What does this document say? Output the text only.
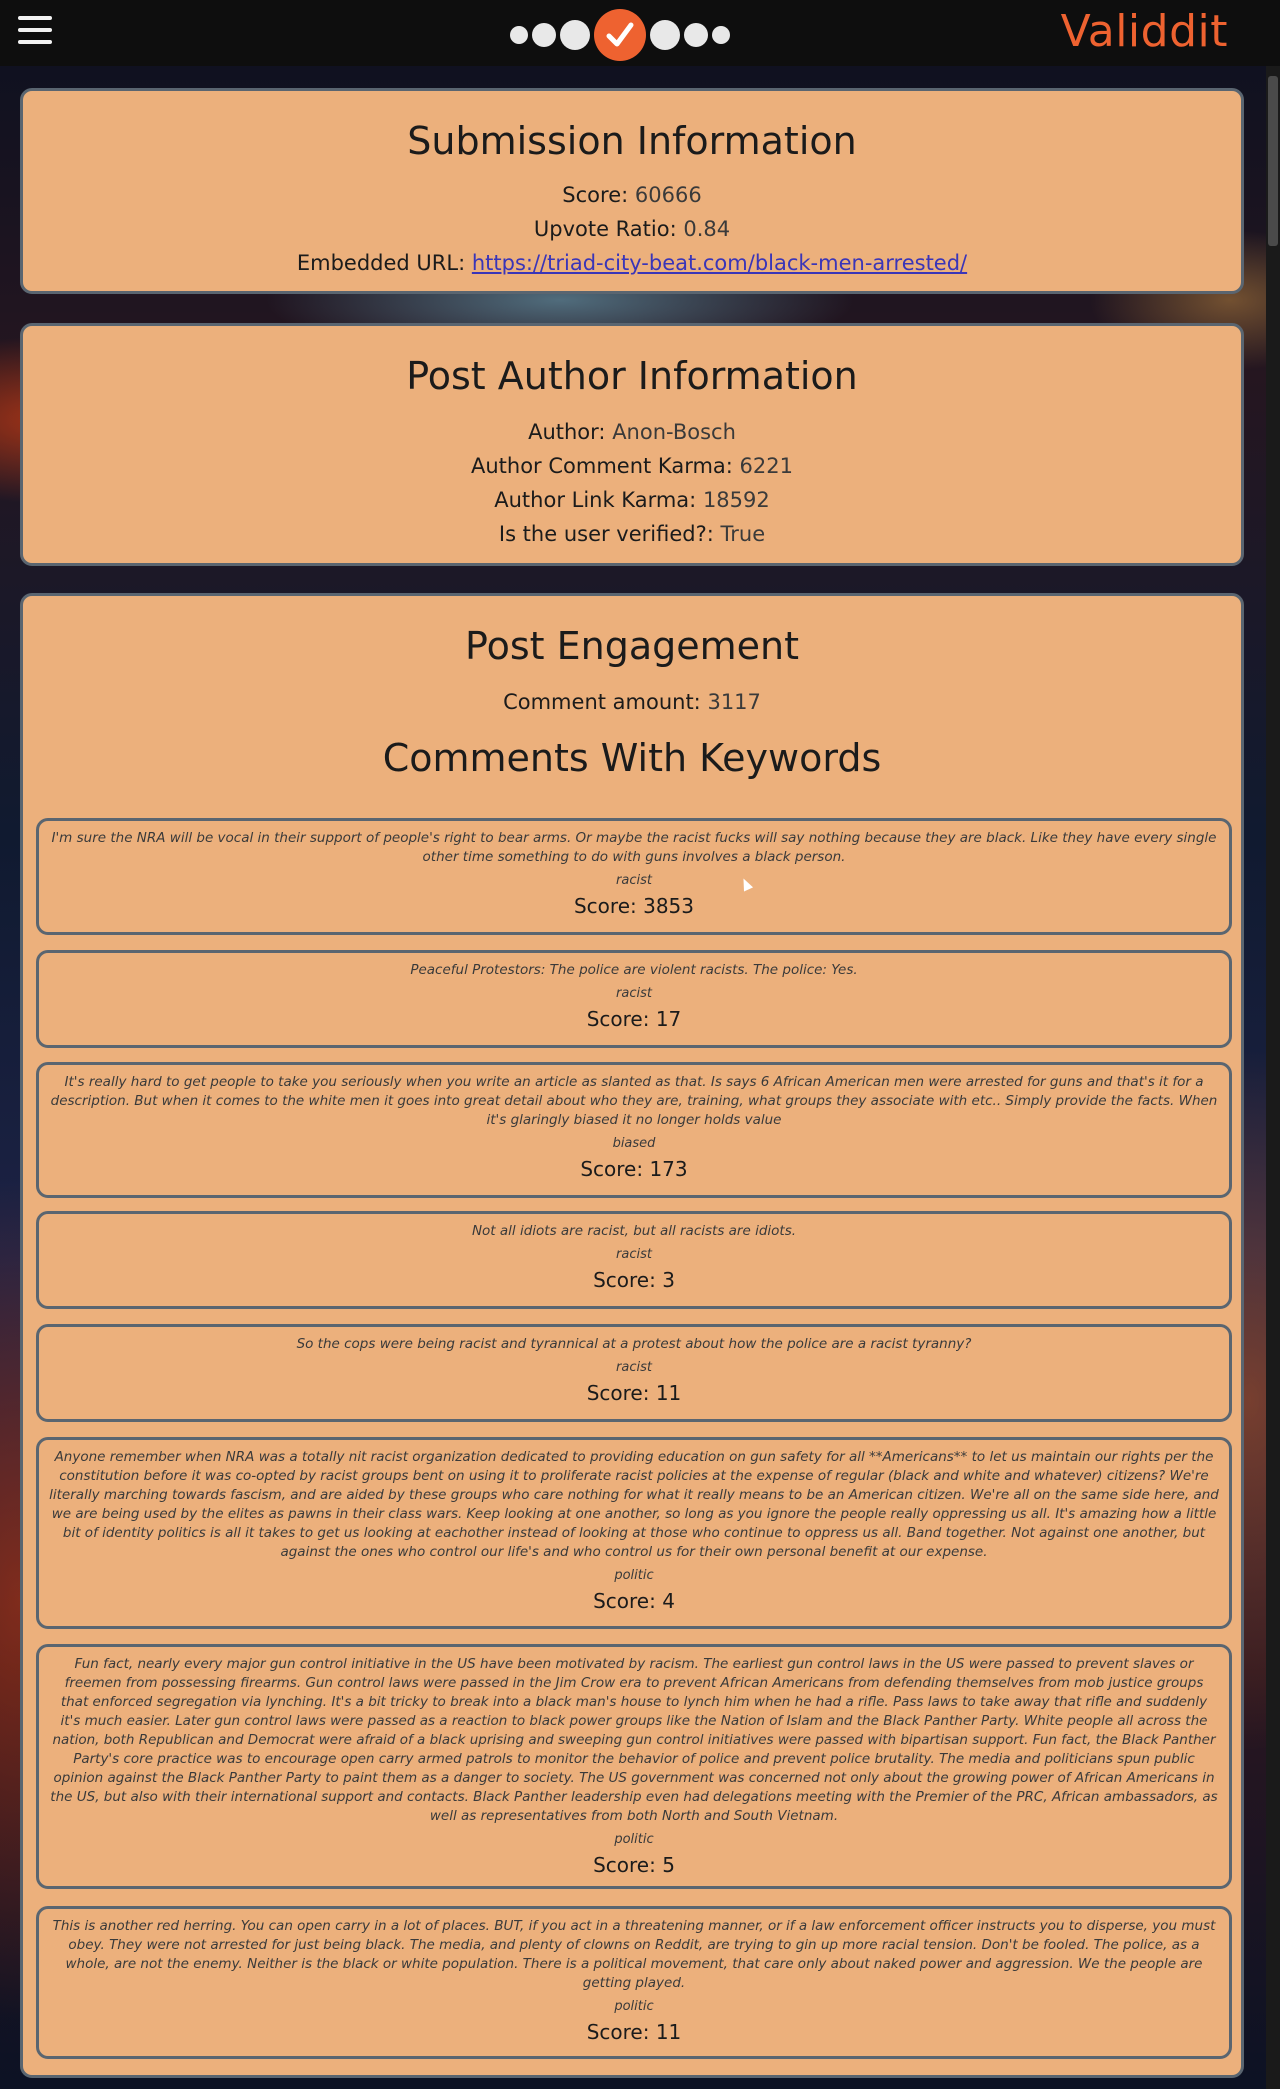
Validdit
Submission Information
Score: 60666
Upvote Ratio: 0.84
Embedded URL: https://triad-city-beat.com/black-men-arrested/
Post Author Information
Author: Anon-Bosch
Author Comment Karma: 6221
Author Link Karma: 18592
Is the user verified?: True
Post Engagement
Comment amount: 3117
Comments With Keywords
I'm sure the NRA will be vocal in their support of people's right to bear arms. Or maybe the racist fucks will say nothing because they are black. Like they have every single other time something to do with guns involves a black person.
racist
Score: 3853
Peaceful Protestors: The police are violent racists. The police: Yes.
racist
Score: 17
It's really hard to get people to take you seriously when you write an article as slanted as that. Is says 6 African American men were arrested for guns and that's it for a description. But when it comes to the white men it goes into great detail about who they are, training, what groups they associate with etc.. Simply provide the facts. When it's glaringly biased it no longer holds value
biased
Score: 173
Not all idiots are racist, but all racists are idiots.
racist
Score: 3
So the cops were being racist and tyrannical at a protest about how the police are a racist tyranny?
racist
Score: 11
Anyone remember when NRA was a totally nit racist organization dedicated to providing education on gun safety for all **Americans** to let us maintain our rights per the constitution before it was co-opted by racist groups bent on using it to proliferate racist policies at the expense of regular (black and white and whatever) citizens? We're literally marching towards fascism, and are aided by these groups who care nothing for what it really means to be an American citizen. We're all on the same side here, and we are being used by the elites as pawns in their class wars. Keep looking at one another, so long as you ignore the people really oppressing us all. It's amazing how a little bit of identity politics is all it takes to get us looking at eachother instead of looking at those who continue to oppress us all. Band together. Not against one another, but against the ones who control our life's and who control us for their own personal benefit at our expense.
politic
Score: 4
Fun fact, nearly every major gun control initiative in the US have been motivated by racism. The earliest gun control laws in the US were passed to prevent slaves or freemen from possessing firearms. Gun control laws were passed in the Jim Crow era to prevent African Americans from defending themselves from mob justice groups that enforced segregation via lynching. It's a bit tricky to break into a black man's house to lynch him when he had a rifle. Pass laws to take away that rifle and suddenly it's much easier. Later gun control laws were passed as a reaction to black power groups like the Nation of Islam and the Black Panther Party. White people all across the nation, both Republican and Democrat were afraid of a black uprising and sweeping gun control initiatives were passed with bipartisan support. Fun fact, the Black Panther Party's core practice was to encourage open carry armed patrols to monitor the behavior of police and prevent police brutality. The media and politicians spun public opinion against the Black Panther Party to paint them as a danger to society. The US government was concerned not only about the growing power of African Americans in the US, but also with their international support and contacts. Black Panther leadership even had delegations meeting with the Premier of the PRC, African ambassadors, as well as representatives from both North and South Vietnam.
politic
Score: 5
This is another red herring. You can open carry in a lot of places. BUT, if you act in a threatening manner, or if a law enforcement officer instructs you to disperse, you must obey. They were not arrested for just being black. The media, and plenty of clowns on Reddit, are trying to gin up more racial tension. Don't be fooled. The police, as a whole, are not the enemy. Neither is the black or white population. There is a political movement, that care only about naked power and aggression. We the people are getting played.
politic
Score: 11
